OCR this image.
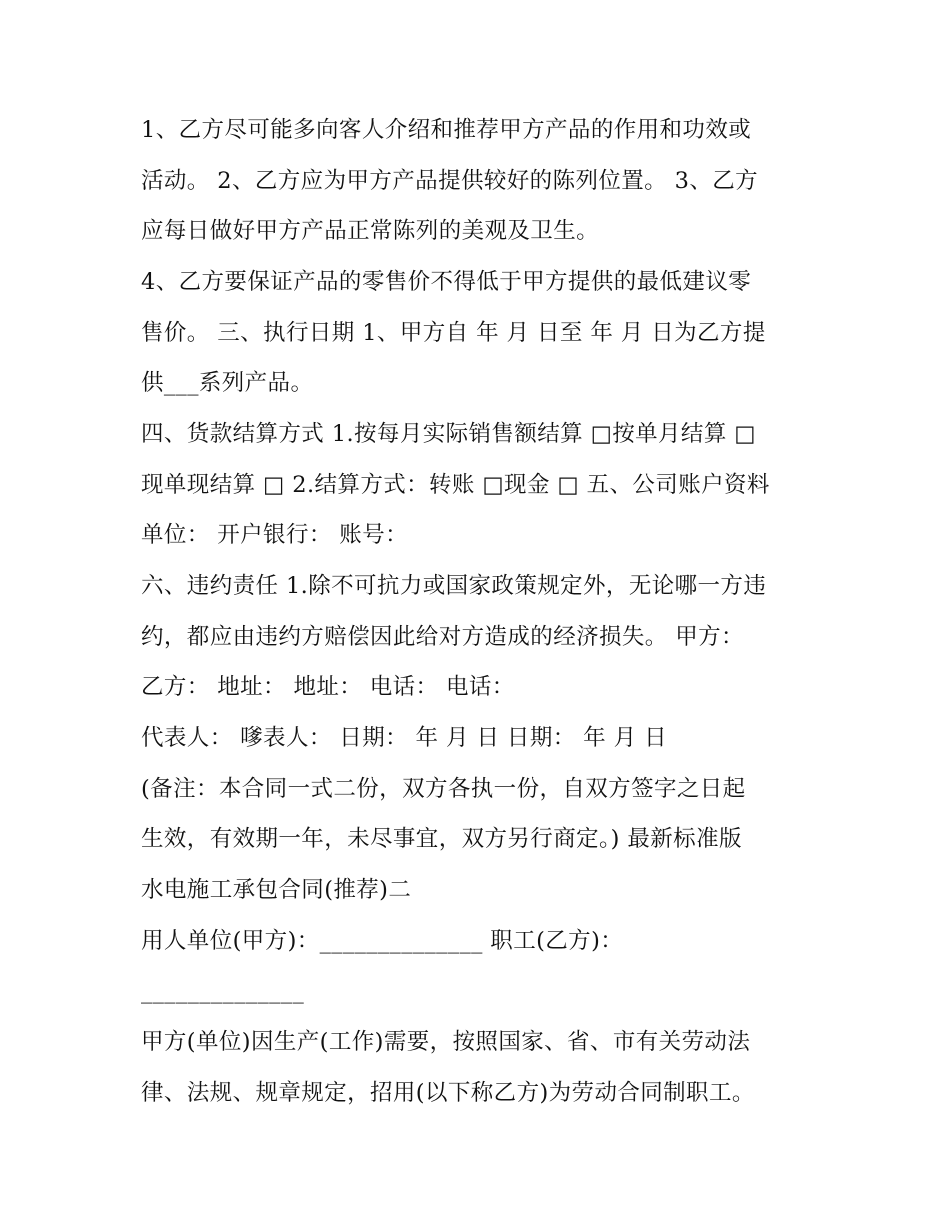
1、乙方尽可能多向客人介绍和推荐甲方产品的作用和功效或

活动。 2、乙方应为甲方产品提供较好的陈列位置。 3、乙方

应每日做好甲方产品正常陈列的美观及卫生。

4、乙方要保证产品的零售价不得低于甲方提供的最低建议零

售价。 三、执行日期 1、甲方自 年 月 日至 年 月 日为乙方提

供___系列产品。

四、货款结算方式 1.按每月实际销售额结算 □按单月结算 □

现单现结算 □ 2.结算方式：转账 □现金 □ 五、公司账户资料

单位： 开户银行： 账号：

六、违约责任 1.除不可抗力或国家政策规定外，无论哪一方违

约，都应由违约方赔偿因此给对方造成的经济损失。 甲方：

乙方： 地址： 地址： 电话： 电话：

代表人： 嗲表人： 日期： 年 月 日 日期： 年 月 日

(备注：本合同一式二份，双方各执一份，自双方签字之日起

生效，有效期一年，未尽事宜，双方另行商定。) 最新标准版

水电施工承包合同(推荐)二

用人单位(甲方)：______________ 职工(乙方)：

______________

甲方(单位)因生产(工作)需要，按照国家、省、市有关劳动法

律、法规、规章规定，招用(以下称乙方)为劳动合同制职工。
